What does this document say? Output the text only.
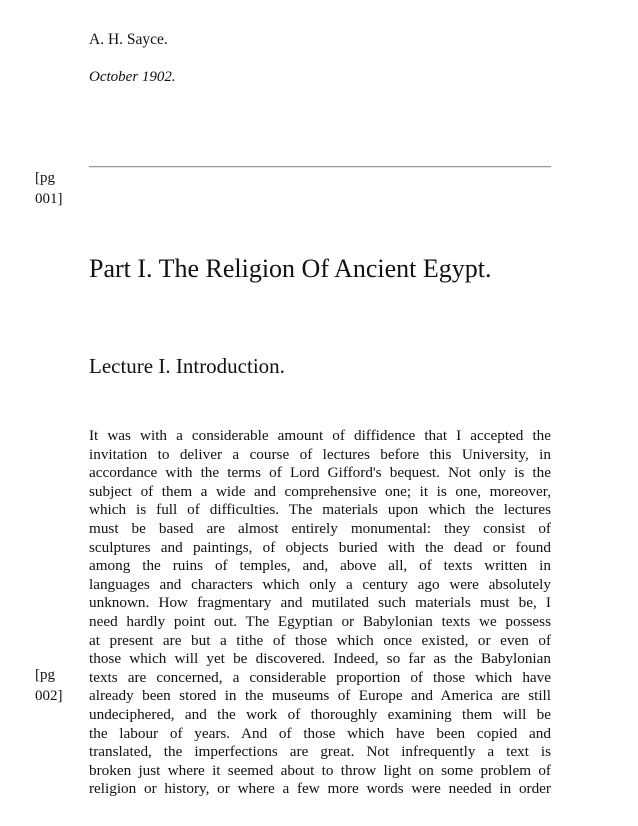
A. H. Sayce.
October 1902.
[pg
001]
Part I. The Religion Of Ancient Egypt.
Lecture I. Introduction.
It was with a considerable amount of diffidence that I accepted the
invitation to deliver a course of lectures before this University, in
accordance with the terms of Lord Gifford's bequest. Not only is the
subject of them a wide and comprehensive one; it is one, moreover,
which is full of difficulties. The materials upon which the lectures
must be based are almost entirely monumental: they consist of
sculptures and paintings, of objects buried with the dead or found
among the ruins of temples, and, above all, of texts written in
languages and characters which only a century ago were absolutely
unknown. How fragmentary and mutilated such materials must be, I
need hardly point out. The Egyptian or Babylonian texts we possess
at present are but a tithe of those which once existed, or even of
those which will yet be discovered. Indeed, so far as the Babylonian
texts are concerned, a considerable proportion of those which have
already been stored in the museums of Europe and America are still
undeciphered, and the work of thoroughly examining them will be
the labour of years. And of those which have been copied and
translated, the imperfections are great. Not infrequently a text is
broken just where it seemed about to throw light on some problem of
religion or history, or where a few more words were needed in order
[pg
002]
